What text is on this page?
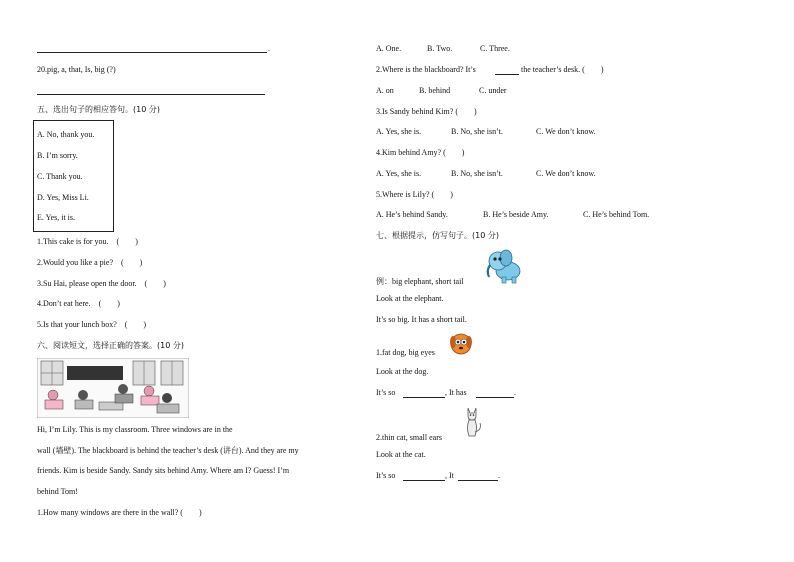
.
20.pig, a, that, Is, big (?)
五、选出句子的相应答句。(10 分)
A. No, thank you.
B. I’m sorry.
C. Thank you.
D. Yes, Miss Li.
E. Yes, it is.
1.This cake is for you.　(　　)
2.Would you like a pie?　(　　)
3.Su Hai, please open the door.　(　　)
4.Don’t eat here.　(　　)
5.Is that your lunch box?　(　　)
六、阅读短文，选择正确的答案。(10 分)
Hi, I’m Lily. This is my classroom. Three windows are in the
wall (墙壁). The blackboard is behind the teacher’s desk (讲台). And they are my
friends. Kim is beside Sandy. Sandy sits behind Amy. Where am I? Guess! I’m
behind Tom!
1.How many windows are there in the wall? (　　)
A. One.	B. Two.	C. Three.
2.Where is the blackboard? It’s	the teacher’s desk. (　　)
A. on	B. behind	C. under
3.Is Sandy behind Kim? (　　)
A. Yes, she is.	B. No, she isn’t.	C. We don’t know.
4.Kim behind Amy? (　　)
A. Yes, she is.	B. No, she isn’t.	C. We don’t know.
5.Where is Lily? (　　)
A. He’s behind Sandy.	B. He’s beside Amy.	C. He’s behind Tom.
七、根据提示，仿写句子。(10 分)
例：big elephant, short tail
Look at the elephant.
It’s so big. It has a short tail.
1.fat dog, big eyes
Look at the dog.
It’s so	, It has	.
2.thin cat, small ears
Look at the cat.
It’s so	, It	.
